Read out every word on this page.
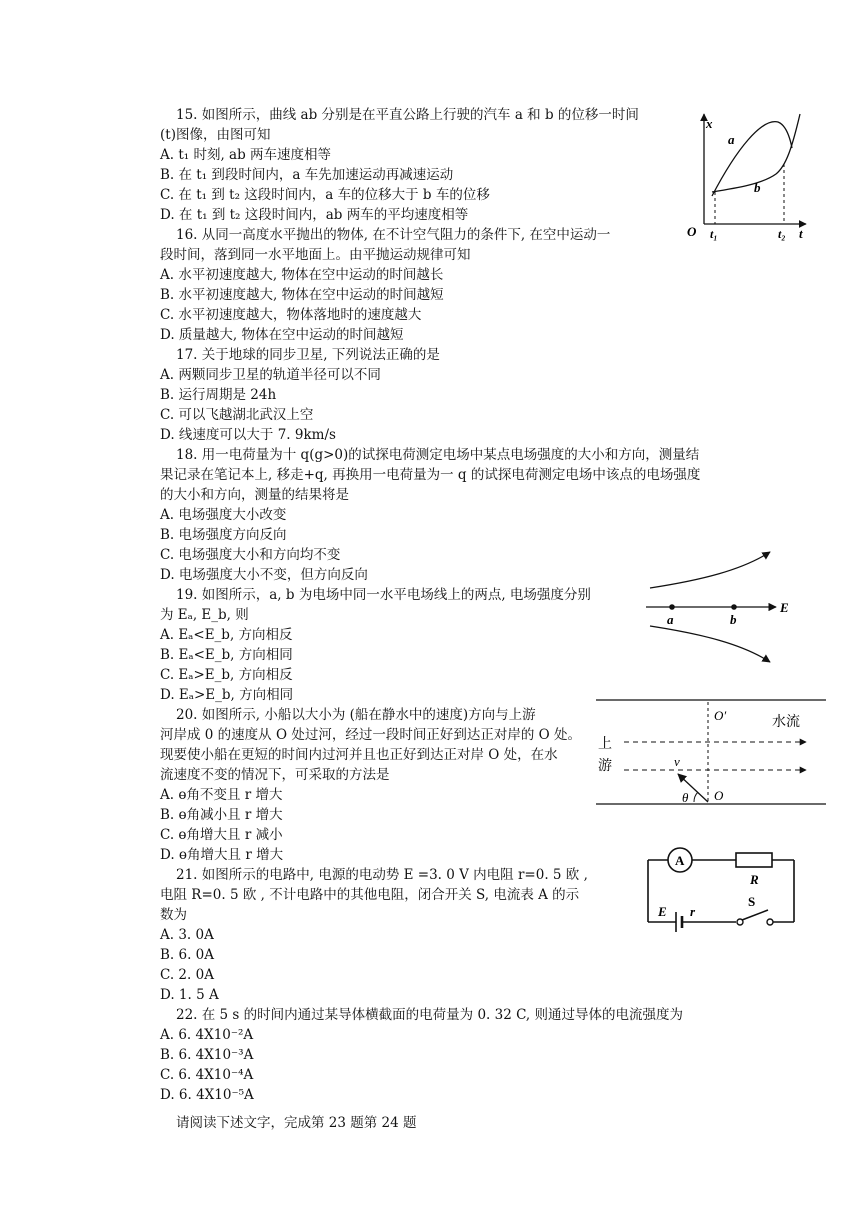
15. 如图所示，曲线 ab 分别是在平直公路上行驶的汽车 a 和 b 的位移一时间
(t)图像，由图可知
A. t₁ 时刻, ab 两车速度相等
B. 在 t₁ 到段时间内，a 车先加速运动再减速运动
C. 在 t₁ 到 t₂ 这段时间内，a 车的位移大于 b 车的位移
D. 在 t₁ 到 t₂ 这段时间内，ab 两车的平均速度相等
16. 从同一高度水平抛出的物体, 在不计空气阻力的条件下, 在空中运动一
段时间，落到同一水平地面上。由平抛运动规律可知
A. 水平初速度越大, 物体在空中运动的时间越长
B. 水平初速度越大, 物体在空中运动的时间越短
C. 水平初速度越大，物体落地时的速度越大
D. 质量越大, 物体在空中运动的时间越短
17. 关于地球的同步卫星, 下列说法正确的是
A. 两颗同步卫星的轨道半径可以不同
B. 运行周期是 24h
C. 可以飞越湖北武汉上空
D. 线速度可以大于 7. 9km/s
18. 用一电荷量为十 q(g>0)的试探电荷测定电场中某点电场强度的大小和方向，测量结
果记录在笔记本上, 移走+q, 再换用一电荷量为一 q 的试探电荷测定电场中该点的电场强度
的大小和方向，测量的结果将是
A. 电场强度大小改变
B. 电场强度方向反向
C. 电场强度大小和方向均不变
D. 电场强度大小不变，但方向反向
19. 如图所示，a, b 为电场中同一水平电场线上的两点, 电场强度分别
为 Eₐ, E_b, 则
A. Eₐ<E_b, 方向相反
B. Eₐ<E_b, 方向相同
C. Eₐ>E_b, 方向相反
D. Eₐ>E_b, 方向相同
20. 如图所示, 小船以大小为 (船在静水中的速度)方向与上游
河岸成 0 的速度从 O 处过河，经过一段时间正好到达正对岸的 O 处。
现要使小船在更短的时间内过河并且也正好到达正对岸 O 处，在水
流速度不变的情况下，可采取的方法是
A. ɵ角不变且 r 增大
B. ɵ角减小且 r 增大
C. ɵ角增大且 r 减小
D. ɵ角增大且 r 增大
21. 如图所示的电路中, 电源的电动势 E =3. 0 V 内电阻 r=0. 5 欧 ,
电阻 R=0. 5 欧 , 不计电路中的其他电阻，闭合开关 S, 电流表 A 的示
数为
A. 3. 0A
B. 6. 0A
C. 2. 0A
D. 1. 5 A
22. 在 5 s 的时间内通过某导体横截面的电荷量为 0. 32 C, 则通过导体的电流强度为
A. 6. 4X10⁻²A
B. 6. 4X10⁻³A
C. 6. 4X10⁻⁴A
D. 6. 4X10⁻⁵A
请阅读下述文字，完成第 23 题第 24 题
x
t
O
a
b
t₁	t₂
a	b
E
O′	水流
上
游	v
θ O
A
R
E r
S
